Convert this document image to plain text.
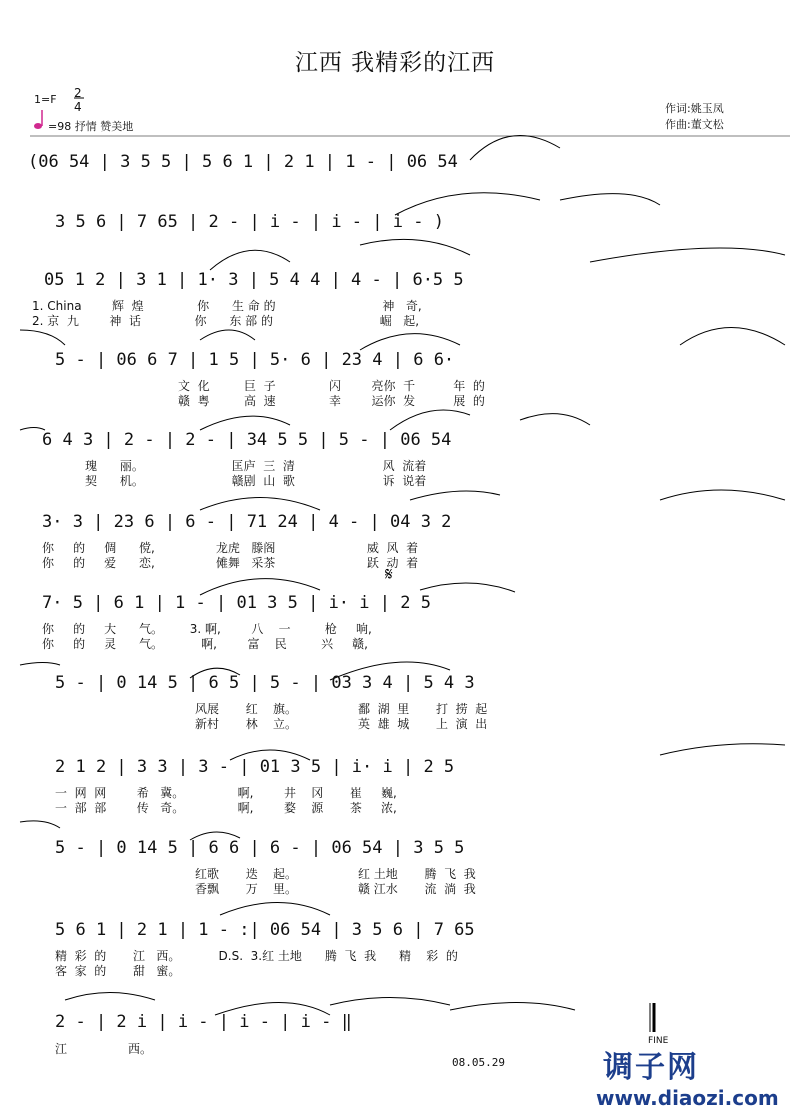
江西 我精彩的江西
1=F 2
4
𝄋
=98 抒情 赞美地
作词:姚玉凤
作曲:董文松
(06 54 | 3 5 5 | 5 6 1 | 2 1 | 1 - | 06 54
3 5 6 | 7 65 | 2 - | i - | i - | i - )
05 1 2 | 3 1 | 1· 3 | 5 4 4 | 4 - | 6·5 5
1. China        辉  煌              你      生 命 的                            神   奇,
2. 京  九        神  话              你      东 部 的                            崛   起,
5 - | 06 6 7 | 1 5 | 5· 6 | 23 4 | 6 6·
文  化         巨  子              闪        亮你  千          年  的
赣  粤         高  速              幸        运你  发          展  的
6 4 3 | 2 - | 2 - | 34 5 5 | 5 - | 06 54
瑰      丽。                       匡庐  三  清                       风  流着
契      机。                       赣剧  山  歌                       诉  说着
3· 3 | 23 6 | 6 - | 71 24 | 4 - | 04 3 2
你     的     倜      傥,                龙虎   滕阁                        威  风  着
你     的     爱      恋,                傩舞   采茶                        跃  动  着
7· 5 | 6 1 | 1 - | 01 3 5 | i· i | 2 5
你     的     大      气。       3. 啊,        八    一         枪     响,
你     的     灵      气。          啊,        富    民         兴     赣,
5 - | 0 14 5 | 6 5 | 5 - | 03 3 4 | 5 4 3
风展       红    旗。                鄱  湖  里       打  捞  起
新村       林    立。                英  雄  城       上  演  出
2 1 2 | 3 3 | 3 - | 01 3 5 | i· i | 2 5
一  网  网        希   冀。              啊,        井    冈       崔     巍,
一  部  部        传   奇。              啊,        婺    源       茶     浓,
5 - | 0 14 5 | 6 6 | 6 - | 06 54 | 3 5 5
红歌       迭    起。                红 土地       腾  飞  我
香飘       万    里。                赣 江水       流  淌  我
5 6 1 | 2 1 | 1 - :| 06 54 | 3 5 6 | 7 65
精  彩  的       江   西。          D.S.  3.红 土地      腾  飞  我      精    彩  的
客  家  的       甜   蜜。
2 - | 2 i | i - | i - | i - ‖
江                西。
FINE
08.05.29	调子网
www.diaozi.com
